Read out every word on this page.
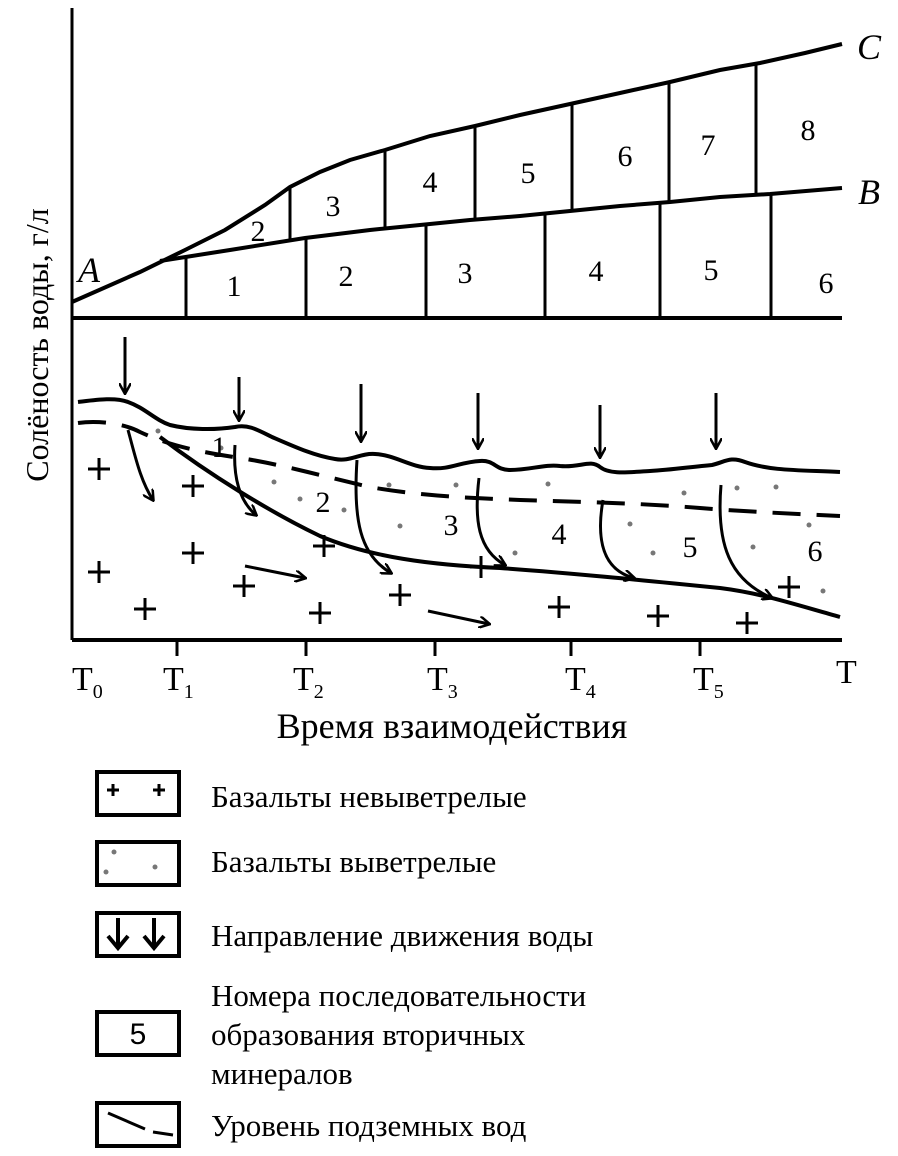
2
3
4	5
6 7	8
1	2	3	4	5	6
A
B
C
Солёность воды, г/л	1
2
3	4	5	6
$T_0$ $T_1$	$T_2$	$T_3$	$T_4$	$T_5$
T
Время взаимодействия
Базальты невыветрелые
Базальты выветрелые
Направление движения воды
5
Номера последовательности
образования вторичных
минералов
Уровень подземных вод
